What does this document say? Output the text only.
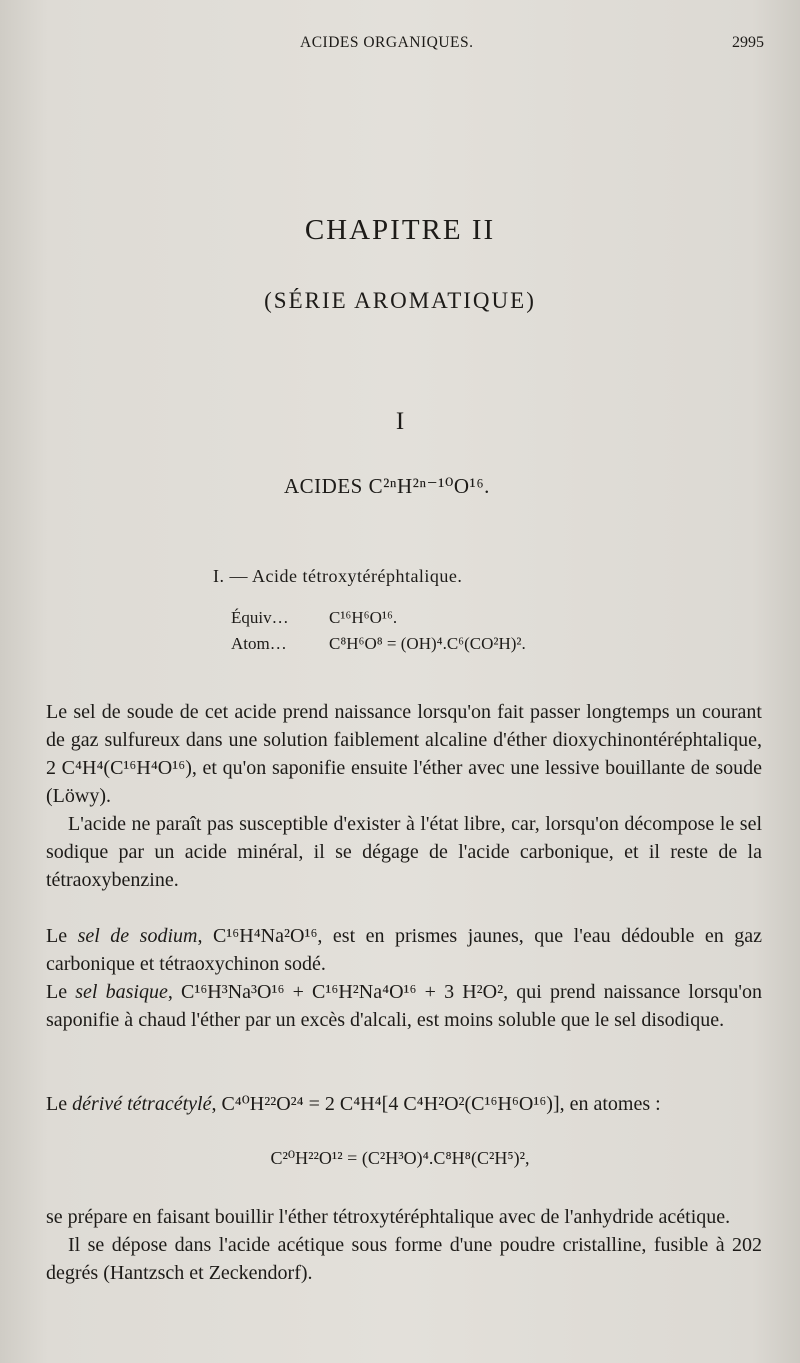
ACIDES ORGANIQUES.	2995
CHAPITRE II
(SÉRIE AROMATIQUE)
I
ACIDES C²ⁿH²ⁿ⁻¹⁰O¹⁶.
I. — Acide tétroxytéréphtalique.
Équiv… C¹⁶H⁶O¹⁶.
Atom… C⁸H⁶O⁸ = (OH)⁴.C⁶(CO²H)².

Le sel de soude de cet acide prend naissance lorsqu'on fait passer longtemps un courant de gaz sulfureux dans une solution faiblement alcaline d'éther dioxychinontéréphtalique, 2 C⁴H⁴(C¹⁶H⁴O¹⁶), et qu'on saponifie ensuite l'éther avec une lessive bouillante de soude (Löwy).

L'acide ne paraît pas susceptible d'exister à l'état libre, car, lorsqu'on décompose le sel sodique par un acide minéral, il se dégage de l'acide carbonique, et il reste de la tétraoxybenzine.

Le sel de sodium, C¹⁶H⁴Na²O¹⁶, est en prismes jaunes, que l'eau dédouble en gaz carbonique et tétraoxychinon sodé.

Le sel basique, C¹⁶H³Na³O¹⁶ + C¹⁶H²Na⁴O¹⁶ + 3 H²O², qui prend naissance lorsqu'on saponifie à chaud l'éther par un excès d'alcali, est moins soluble que le sel disodique.

Le dérivé tétracétylé, C⁴⁰H²²O²⁴ = 2 C⁴H⁴[4 C⁴H²O²(C¹⁶H⁶O¹⁶)], en atomes :

C²⁰H²²O¹² = (C²H³O)⁴.C⁸H⁸(C²H⁵)²,

se prépare en faisant bouillir l'éther tétroxytéréphtalique avec de l'anhydride acétique.

Il se dépose dans l'acide acétique sous forme d'une poudre cristalline, fusible à 202 degrés (Hantzsch et Zeckendorf).
